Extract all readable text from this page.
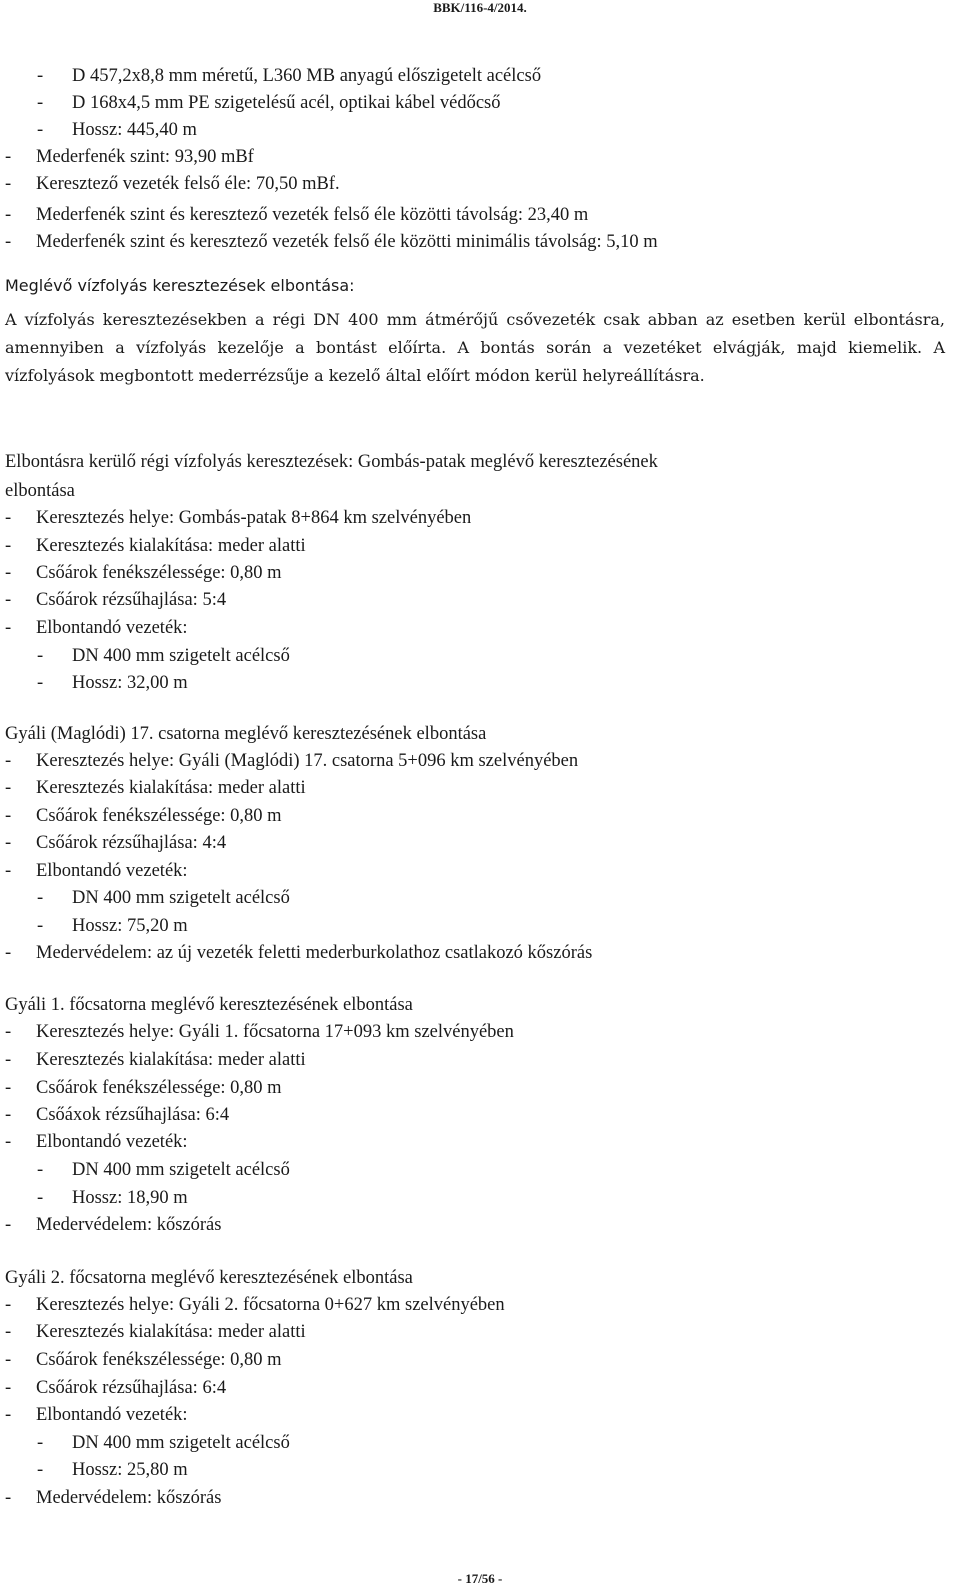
BBK/116-4/2014.
- D 457,2x8,8 mm méretű, L360 MB anyagú előszigetelt acélcső
- D 168x4,5 mm PE szigetelésű acél, optikai kábel védőcső
- Hossz: 445,40 m
- Mederfenék szint: 93,90 mBf
- Keresztező vezeték felső éle: 70,50 mBf.
- Mederfenék szint és keresztező vezeték felső éle közötti távolság: 23,40 m
- Mederfenék szint és keresztező vezeték felső éle közötti minimális távolság: 5,10 m
Meglévő vízfolyás keresztezések elbontása:
A vízfolyás keresztezésekben a régi DN 400 mm átmérőjű csővezeték csak abban az esetben kerül elbontásra, amennyiben a vízfolyás kezelője a bontást előírta. A bontás során a vezetéket elvágják, majd kiemelik. A vízfolyások megbontott mederrézsűje a kezelő által előírt módon kerül helyreállításra.
Elbontásra kerülő régi vízfolyás keresztezések: Gombás-patak meglévő keresztezésének
elbontása
- Keresztezés helye: Gombás-patak 8+864 km szelvényében
- Keresztezés kialakítása: meder alatti
- Csőárok fenékszélessége: 0,80 m
- Csőárok rézsűhajlása: 5:4
- Elbontandó vezeték:
- DN 400 mm szigetelt acélcső
- Hossz: 32,00 m
Gyáli (Maglódi) 17. csatorna meglévő keresztezésének elbontása
- Keresztezés helye: Gyáli (Maglódi) 17. csatorna 5+096 km szelvényében
- Keresztezés kialakítása: meder alatti
- Csőárok fenékszélessége: 0,80 m
- Csőárok rézsűhajlása: 4:4
- Elbontandó vezeték:
- DN 400 mm szigetelt acélcső
- Hossz: 75,20 m
- Medervédelem: az új vezeték feletti mederburkolathoz csatlakozó kőszórás
Gyáli 1. főcsatorna meglévő keresztezésének elbontása
- Keresztezés helye: Gyáli 1. főcsatorna 17+093 km szelvényében
- Keresztezés kialakítása: meder alatti
- Csőárok fenékszélessége: 0,80 m
- Csőáxok rézsűhajlása: 6:4
- Elbontandó vezeték:
- DN 400 mm szigetelt acélcső
- Hossz: 18,90 m
- Medervédelem: kőszórás
Gyáli 2. főcsatorna meglévő keresztezésének elbontása
- Keresztezés helye: Gyáli 2. főcsatorna 0+627 km szelvényében
- Keresztezés kialakítása: meder alatti
- Csőárok fenékszélessége: 0,80 m
- Csőárok rézsűhajlása: 6:4
- Elbontandó vezeték:
- DN 400 mm szigetelt acélcső
- Hossz: 25,80 m
- Medervédelem: kőszórás
- 17/56 -
